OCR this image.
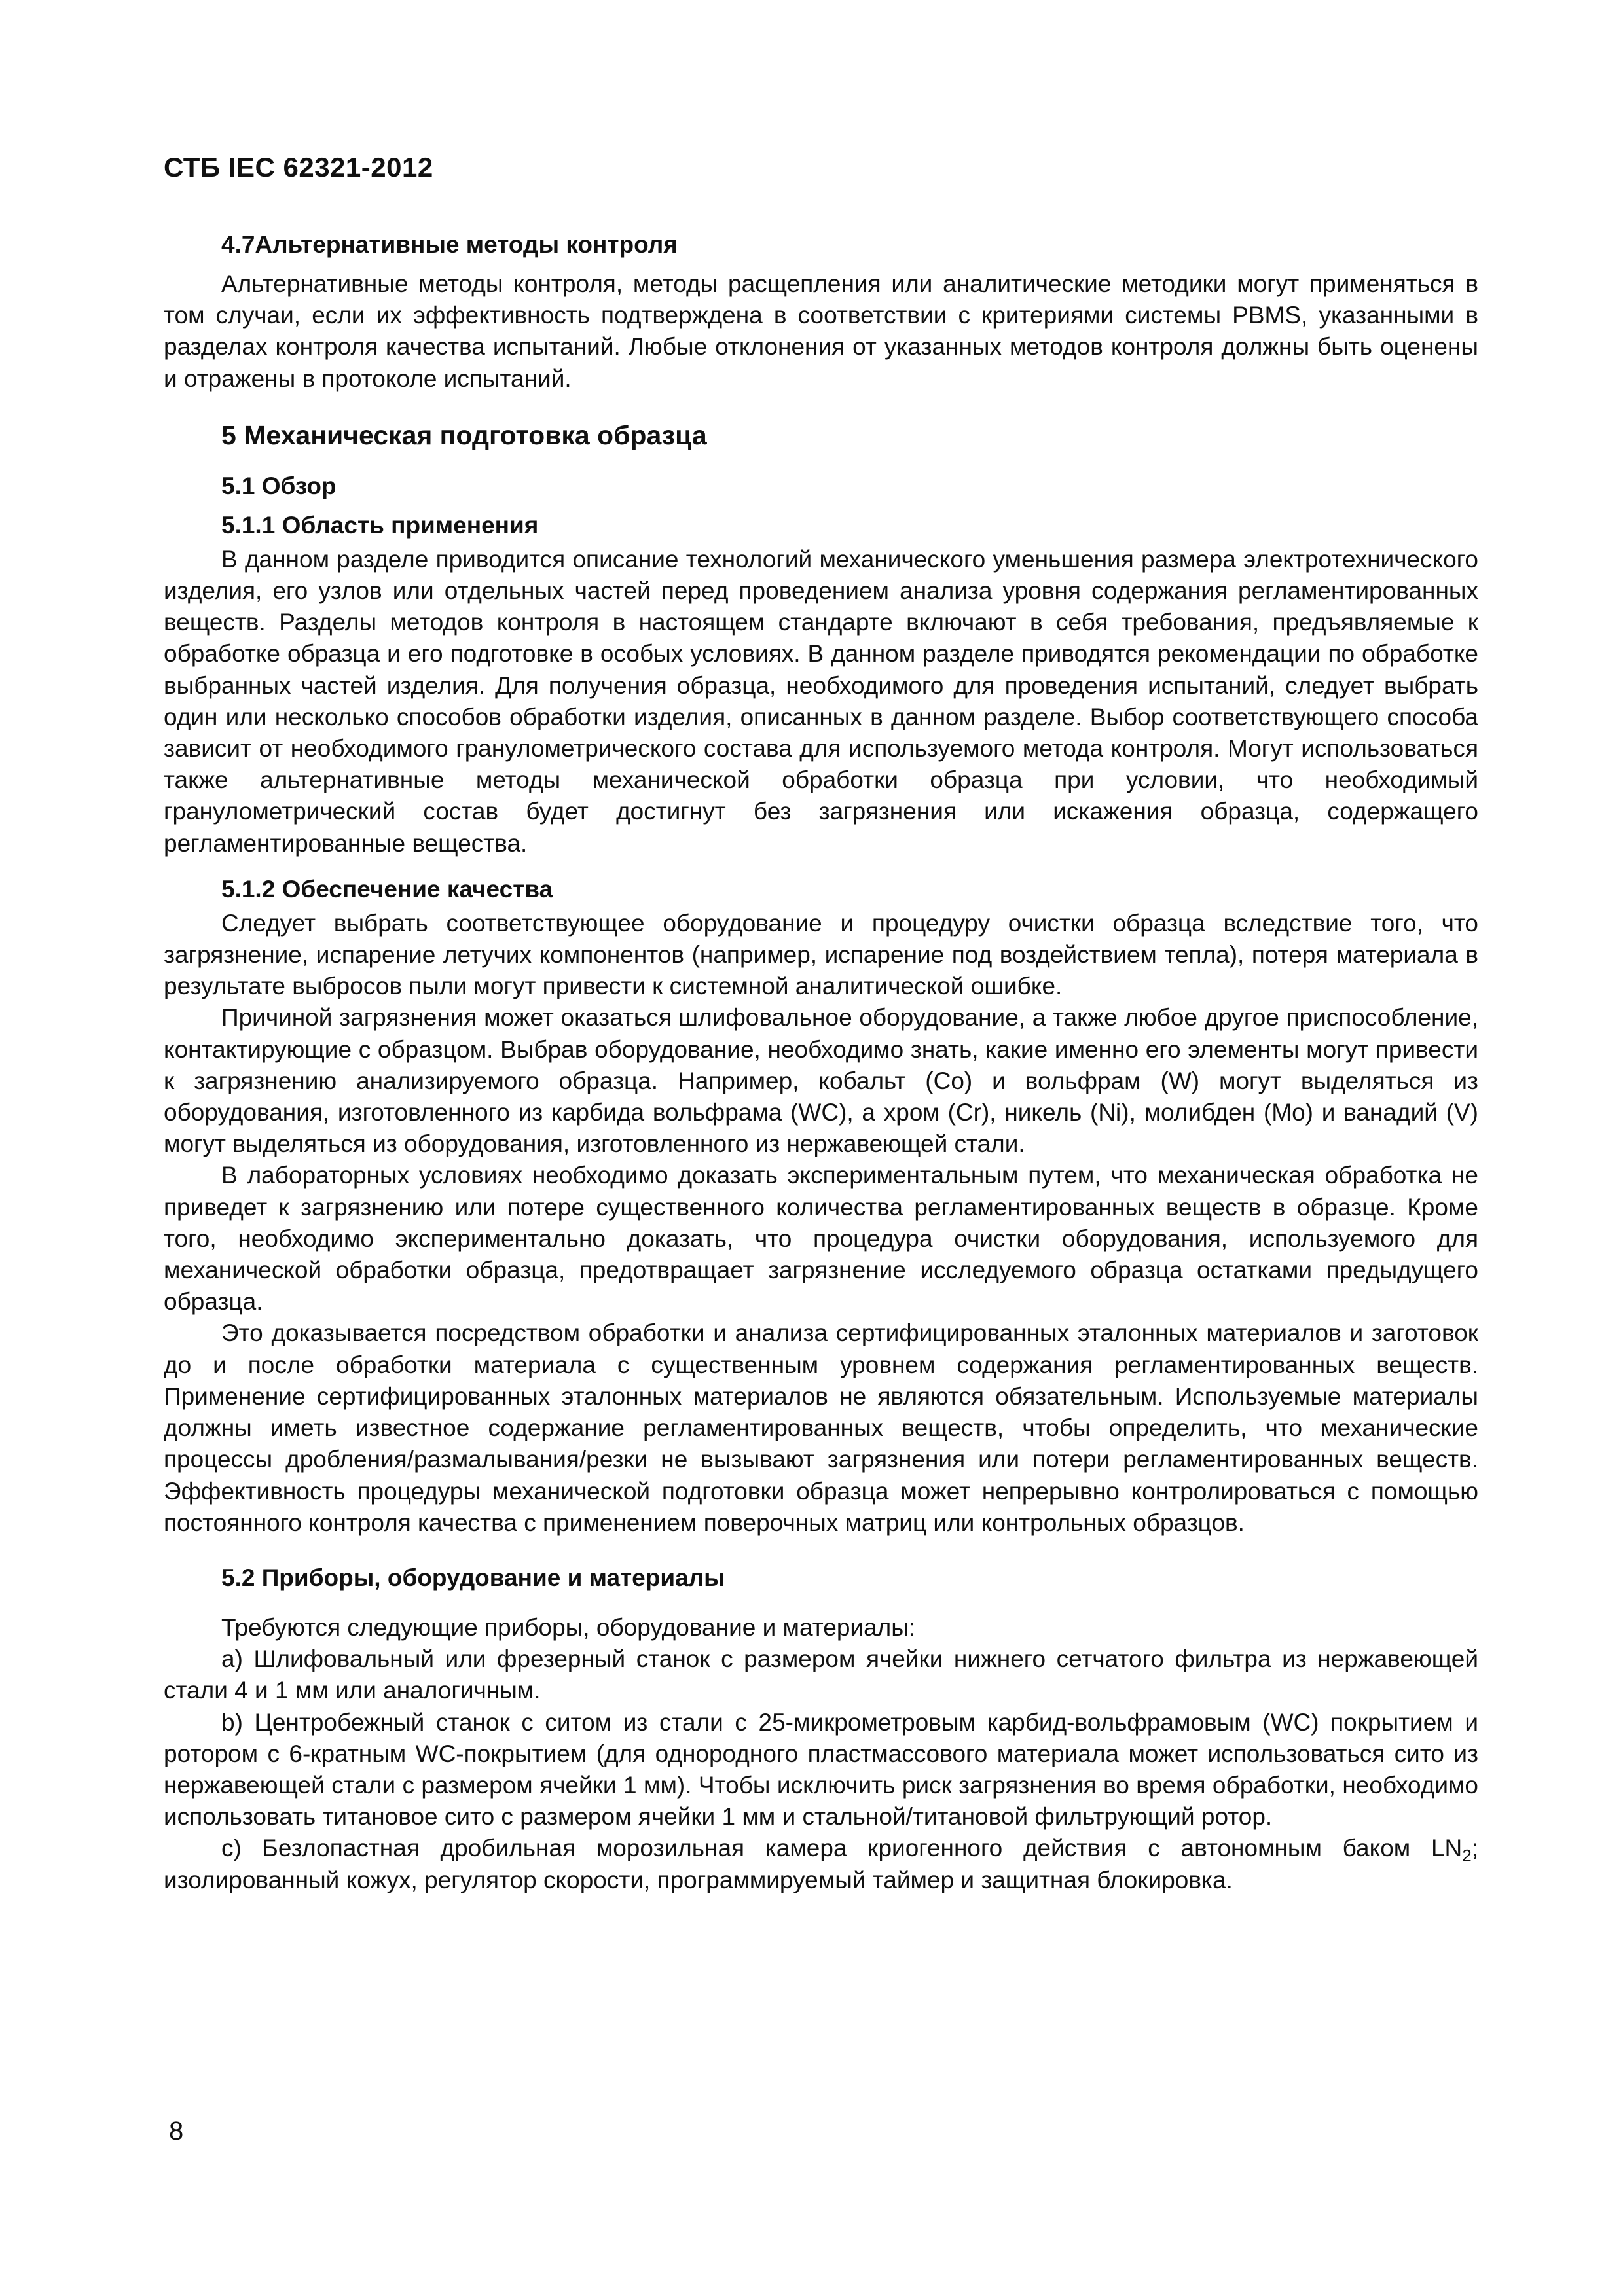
СТБ IEC 62321-2012
4.7Альтернативные методы контроля

Альтернативные методы контроля, методы расщепления или аналитические методики могут применяться в том случаи, если их эффективность подтверждена в соответствии с критериями системы PBMS, указанными в разделах контроля качества испытаний. Любые отклонения от указанных методов контроля должны быть оценены и отражены в протоколе испытаний.

5 Механическая подготовка образца
5.1 Обзор
5.1.1 Область применения

В данном разделе приводится описание технологий механического уменьшения размера электротехнического изделия, его узлов или отдельных частей перед проведением анализа уровня содержания регламентированных веществ. Разделы методов контроля в настоящем стандарте включают в себя требования, предъявляемые к обработке образца и его подготовке в особых условиях. В данном разделе приводятся рекомендации по обработке выбранных частей изделия. Для получения образца, необходимого для проведения испытаний, следует выбрать один или несколько способов обработки изделия, описанных в данном разделе. Выбор соответствующего способа зависит от необходимого гранулометрического состава для используемого метода контроля. Могут использоваться также альтернативные методы механической обработки образца при условии, что необходимый гранулометрический состав будет достигнут без загрязнения или искажения образца, содержащего регламентированные вещества.

5.1.2 Обеспечение качества

Следует выбрать соответствующее оборудование и процедуру очистки образца вследствие того, что загрязнение, испарение летучих компонентов (например, испарение под воздействием тепла), потеря материала в результате выбросов пыли могут привести к системной аналитической ошибке.

Причиной загрязнения может оказаться шлифовальное оборудование, а также любое другое приспособление, контактирующие с образцом. Выбрав оборудование, необходимо знать, какие именно его элементы могут привести к загрязнению анализируемого образца. Например, кобальт (Co) и вольфрам (W) могут выделяться из оборудования, изготовленного из карбида вольфрама (WC), а хром (Cr), никель (Ni), молибден (Mo) и ванадий (V) могут выделяться из оборудования, изготовленного из нержавеющей стали.

В лабораторных условиях необходимо доказать экспериментальным путем, что механическая обработка не приведет к загрязнению или потере существенного количества регламентированных веществ в образце. Кроме того, необходимо экспериментально доказать, что процедура очистки оборудования, используемого для механической обработки образца, предотвращает загрязнение исследуемого образца остатками предыдущего образца.

Это доказывается посредством обработки и анализа сертифицированных эталонных материалов и заготовок до и после обработки материала с существенным уровнем содержания регламентированных веществ. Применение сертифицированных эталонных материалов не являются обязательным. Используемые материалы должны иметь известное содержание регламентированных веществ, чтобы определить, что механические процессы дробления/размалывания/резки не вызывают загрязнения или потери регламентированных веществ. Эффективность процедуры механической подготовки образца может непрерывно контролироваться с помощью постоянного контроля качества с применением поверочных матриц или контрольных образцов.

5.2 Приборы, оборудование и материалы

Требуются следующие приборы, оборудование и материалы:

а) Шлифовальный или фрезерный станок с размером ячейки нижнего сетчатого фильтра из нержавеющей стали 4 и 1 мм или аналогичным.

b) Центробежный станок с ситом из стали с 25-микрометровым карбид-вольфрамовым (WC) покрытием и ротором с 6-кратным WC-покрытием (для однородного пластмассового материала может использоваться сито из нержавеющей стали с размером ячейки 1 мм). Чтобы исключить риск загрязнения во время обработки, необходимо использовать титановое сито с размером ячейки 1 мм и стальной/титановой фильтрующий ротор.

c) Безлопастная дробильная морозильная камера криогенного действия с автономным баком $LN_2$; изолированный кожух, регулятор скорости, программируемый таймер и защитная блокировка.

8
